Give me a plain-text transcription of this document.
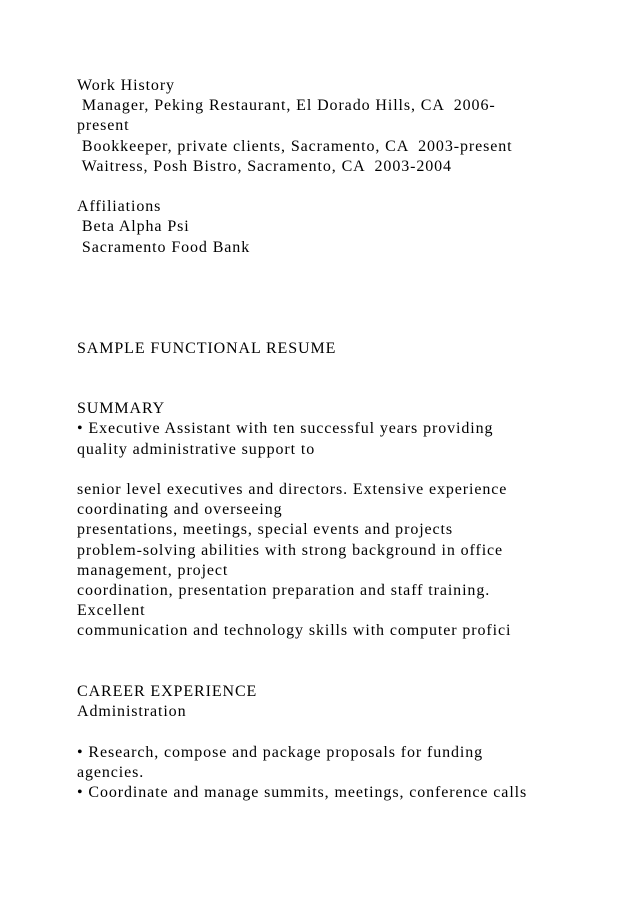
Work History
Manager, Peking Restaurant, El Dorado Hills, CA  2006-
present
Bookkeeper, private clients, Sacramento, CA  2003-present
Waitress, Posh Bistro, Sacramento, CA  2003-2004
Affiliations
Beta Alpha Psi
Sacramento Food Bank
SAMPLE FUNCTIONAL RESUME
SUMMARY
• Executive Assistant with ten successful years providing
quality administrative support to
senior level executives and directors. Extensive experience
coordinating and overseeing
presentations, meetings, special events and projects
problem-solving abilities with strong background in office
management, project
coordination, presentation preparation and staff training.
Excellent
communication and technology skills with computer profici
CAREER EXPERIENCE
Administration
• Research, compose and package proposals for funding
agencies.
• Coordinate and manage summits, meetings, conference calls
